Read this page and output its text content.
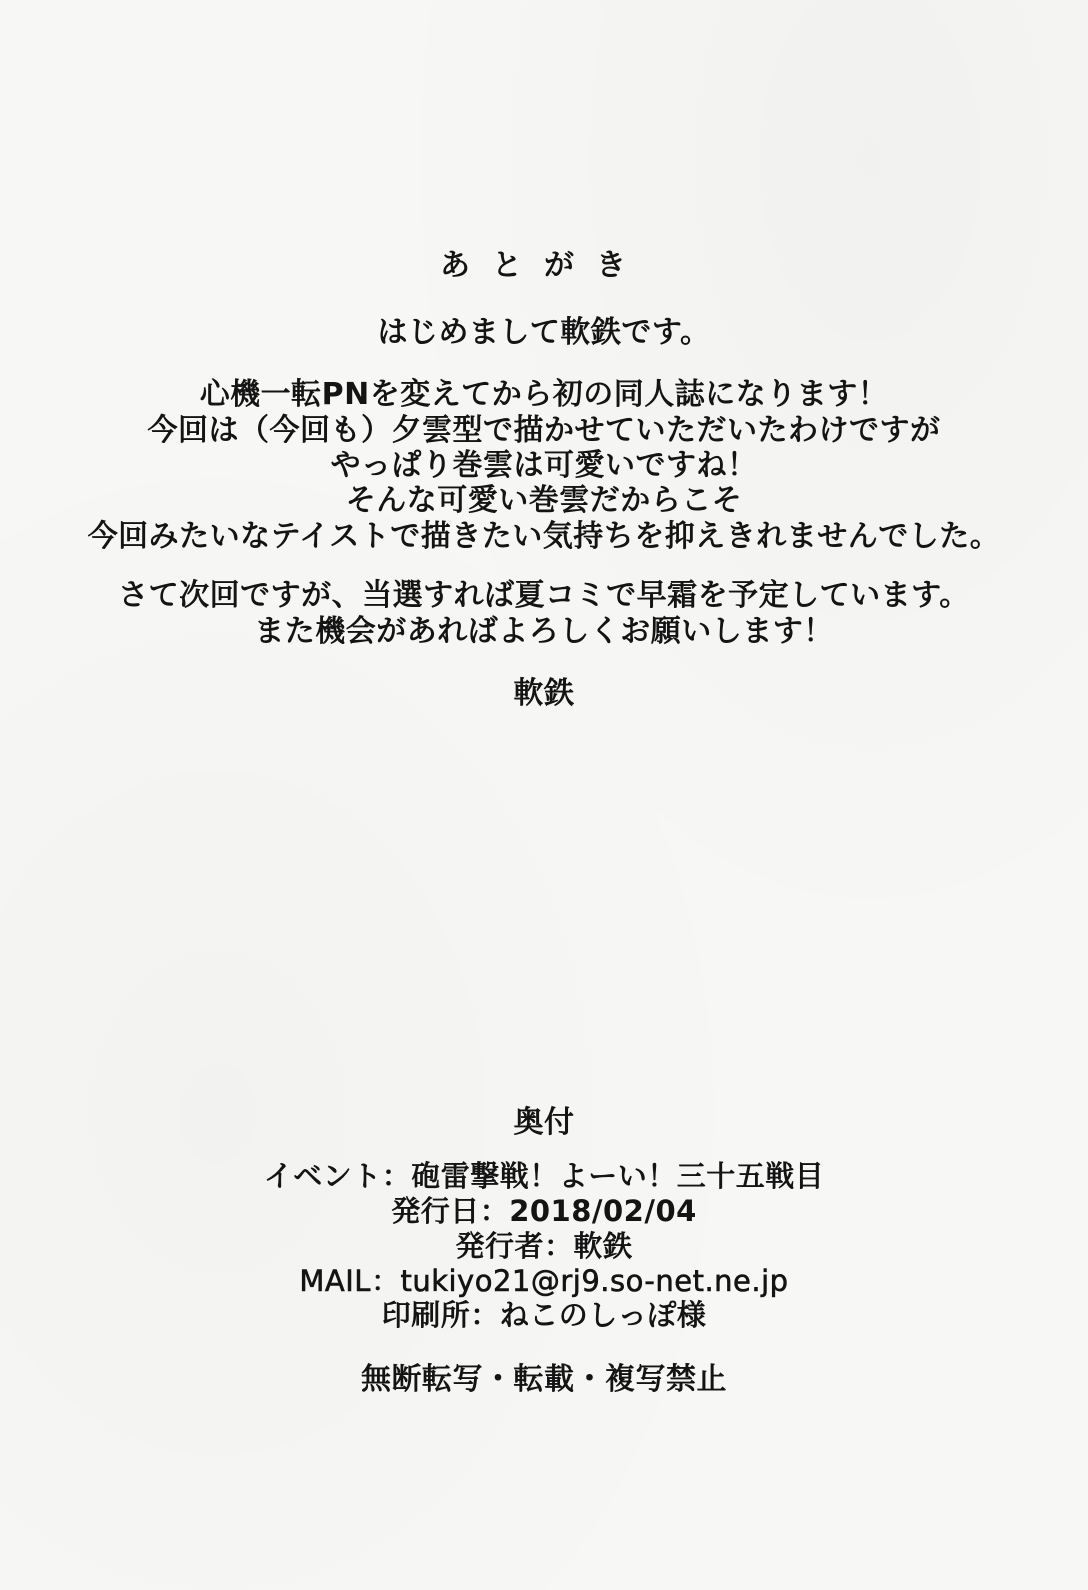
あとがき
はじめまして軟鉄です。
心機一転PNを変えてから初の同人誌になります！
今回は（今回も）夕雲型で描かせていただいたわけですが
やっぱり巻雲は可愛いですね！
そんな可愛い巻雲だからこそ
今回みたいなテイストで描きたい気持ちを抑えきれませんでした。
さて次回ですが、当選すれば夏コミで早霜を予定しています。
また機会があればよろしくお願いします！
軟鉄
奥付
イベント：砲雷撃戦！よーい！三十五戦目
発行日：2018/02/04
発行者：軟鉄
MAIL：tukiyo21@rj9.so-net.ne.jp
印刷所：ねこのしっぽ様
無断転写・転載・複写禁止
